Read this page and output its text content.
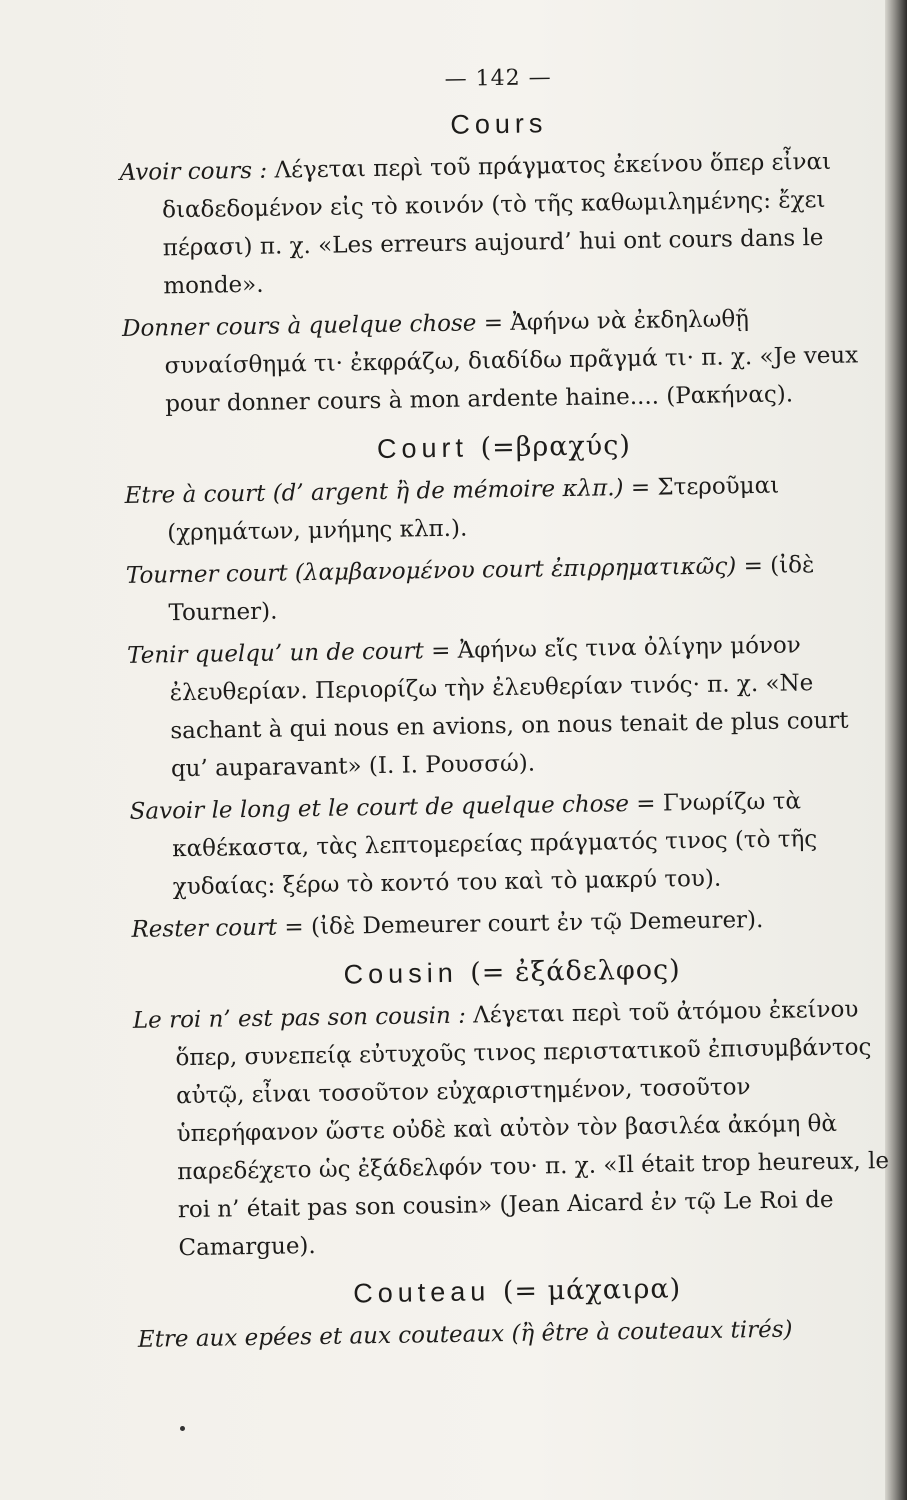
— 142 —
Cours

Avoir cours : Λέγεται περὶ τοῦ πράγματος ἐκείνου ὅπερ εἶναι διαδεδομένον εἰς τὸ κοινόν (τὸ τῆς καθωμιλημένης: ἔχει πέρασι) π. χ. «Les erreurs aujourd’ hui ont cours dans le monde».

Donner cours à quelque chose = Ἀφήνω νὰ ἐκδηλωθῇ συναίσθημά τι· ἐκφράζω, διαδίδω πρᾶγμά τι· π. χ. «Je veux pour donner cours à mon ardente haine.... (Ρακήνας).

Court (=βραχύς)

Etre à court (d’ argent ἢ de mémoire κλπ.) = Στεροῦμαι (χρημάτων, μνήμης κλπ.).

Tourner court (λαμβανομένου court ἐπιρρηματικῶς) = (ἰδὲ Tourner).

Tenir quelqu’ un de court = Ἀφήνω εἴς τινα ὀλίγην μόνον ἐλευθερίαν. Περιορίζω τὴν ἐλευθερίαν τινός· π. χ. «Ne sachant à qui nous en avions, on nous tenait de plus court qu’ auparavant» (I. I. Ρουσσώ).

Savoir le long et le court de quelque chose = Γνωρίζω τὰ καθέκαστα, τὰς λεπτομερείας πράγματός τινος (τὸ τῆς χυδαίας: ξέρω τὸ κοντό του καὶ τὸ μακρύ του).

Rester court = (ἰδὲ Demeurer court ἐν τῷ Demeurer).

Cousin (= ἐξάδελφος)

Le roi n’ est pas son cousin : Λέγεται περὶ τοῦ ἀτόμου ἐκείνου ὅπερ, συνεπείᾳ εὐτυχοῦς τινος περιστατικοῦ ἐπισυμβάντος αὐτῷ, εἶναι τοσοῦτον εὐχαριστημένον, τοσοῦτον ὑπερήφανον ὥστε οὐδὲ καὶ αὐτὸν τὸν βασιλέα ἀκόμη θὰ παρεδέχετο ὡς ἐξάδελφόν του· π. χ. «Il était trop heureux, le roi n’ était pas son cousin» (Jean Aicard ἐν τῷ Le Roi de Camargue).

Couteau (= μάχαιρα)

Etre aux epées et aux couteaux (ἢ être à couteaux tirés)
